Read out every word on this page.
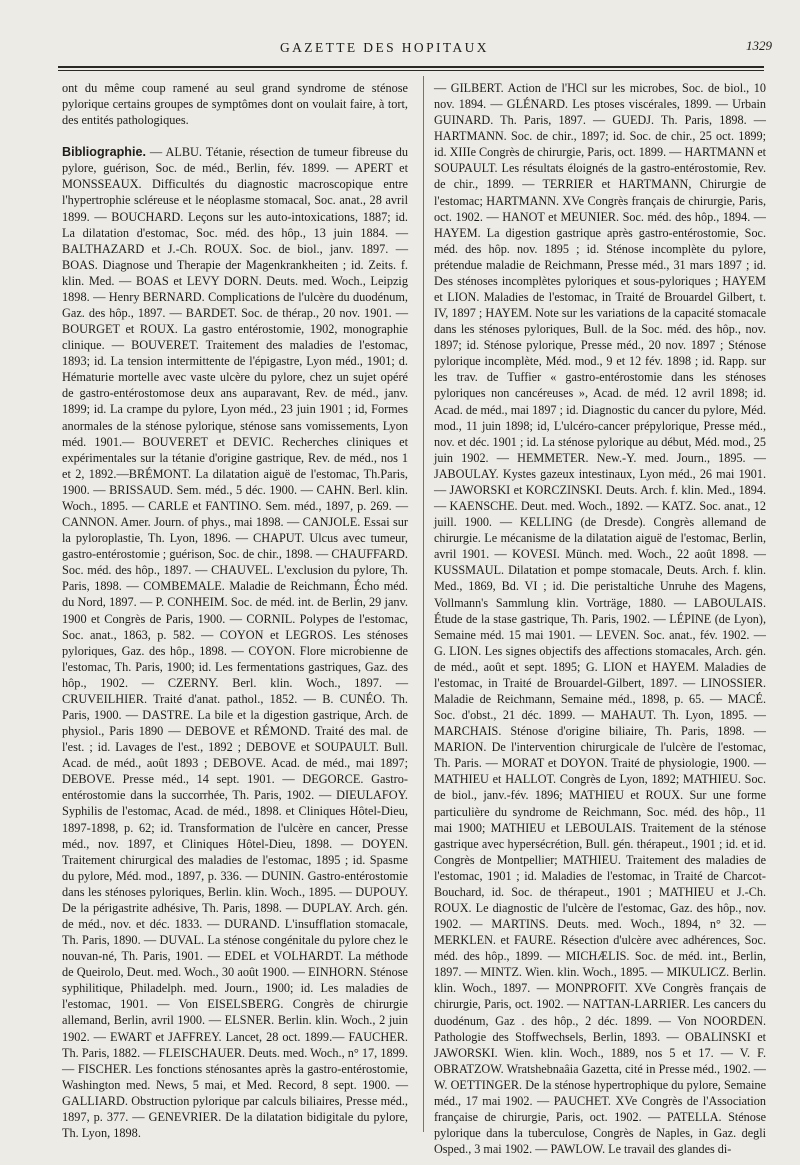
GAZETTE DES HOPITAUX	1329

ont du même coup ramené au seul grand syndrome de sténose pylorique certains groupes de symptômes dont on voulait faire, à tort, des entités pathologiques.

Bibliographie. — ALBU. Tétanie, résection de tumeur fibreuse du pylore, guérison, Soc. de méd., Berlin, fév. 1899. — APERT et MONSSEAUX. Difficultés du diagnostic macroscopique entre l'hypertrophie scléreuse et le néoplasme stomacal, Soc. anat., 28 avril 1899. — BOUCHARD. Leçons sur les auto-intoxications, 1887; id. La dilatation d'estomac, Soc. méd. des hôp., 13 juin 1884. — BALTHAZARD et J.-Ch. ROUX. Soc. de biol., janv. 1897. — BOAS. Diagnose und Therapie der Magenkrankheiten ; id. Zeits. f. klin. Med. — BOAS et LEVY DORN. Deuts. med. Woch., Leipzig 1898. — Henry BERNARD. Complications de l'ulcère du duodénum, Gaz. des hôp., 1897. — BARDET. Soc. de thérap., 20 nov. 1901. — BOURGET et ROUX. La gastro entérostomie, 1902, monographie clinique. — BOUVERET. Traitement des maladies de l'estomac, 1893; id. La tension intermittente de l'épigastre, Lyon méd., 1901; d. Hématurie mortelle avec vaste ulcère du pylore, chez un sujet opéré de gastro-entérostomose deux ans auparavant, Rev. de méd., janv. 1899; id. La crampe du pylore, Lyon méd., 23 juin 1901 ; id, Formes anormales de la sténose pylorique, sténose sans vomissements, Lyon méd. 1901.— BOUVERET et DEVIC. Recherches cliniques et expérimentales sur la tétanie d'origine gastrique, Rev. de méd., nos 1 et 2, 1892.—BRÉMONT. La dilatation aiguë de l'estomac, Th.Paris, 1900. — BRISSAUD. Sem. méd., 5 déc. 1900. — CAHN. Berl. klin. Woch., 1895. — CARLE et FANTINO. Sem. méd., 1897, p. 269. — CANNON. Amer. Journ. of phys., mai 1898. — CANJOLE. Essai sur la pyloroplastie, Th. Lyon, 1896. — CHAPUT. Ulcus avec tumeur, gastro-entérostomie ; guérison, Soc. de chir., 1898. — CHAUFFARD. Soc. méd. des hôp., 1897. — CHAUVEL. L'exclusion du pylore, Th. Paris, 1898. — COMBEMALE. Maladie de Reichmann, Écho méd. du Nord, 1897. — P. CONHEIM. Soc. de méd. int. de Berlin, 29 janv. 1900 et Congrès de Paris, 1900. — CORNIL. Polypes de l'estomac, Soc. anat., 1863, p. 582. — COYON et LEGROS. Les sténoses pyloriques, Gaz. des hôp., 1898. — COYON. Flore microbienne de l'estomac, Th. Paris, 1900; id. Les fermentations gastriques, Gaz. des hôp., 1902. — CZERNY. Berl. klin. Woch., 1897. — CRUVEILHIER. Traité d'anat. pathol., 1852. — B. CUNÉO. Th. Paris, 1900. — DASTRE. La bile et la digestion gastrique, Arch. de physiol., Paris 1890 — DEBOVE et RÉMOND. Traité des mal. de l'est. ; id. Lavages de l'est., 1892 ; DEBOVE et SOUPAULT. Bull. Acad. de méd., août 1893 ; DEBOVE. Acad. de méd., mai 1897; DEBOVE. Presse méd., 14 sept. 1901. — DEGORCE. Gastro-entérostomie dans la succorrhée, Th. Paris, 1902. — DIEULAFOY. Syphilis de l'estomac, Acad. de méd., 1898. et Cliniques Hôtel-Dieu, 1897-1898, p. 62; id. Transformation de l'ulcère en cancer, Presse méd., nov. 1897, et Cliniques Hôtel-Dieu, 1898. — DOYEN. Traitement chirurgical des maladies de l'estomac, 1895 ; id. Spasme du pylore, Méd. mod., 1897, p. 336. — DUNIN. Gastro-entérostomie dans les sténoses pyloriques, Berlin. klin. Woch., 1895. — DUPOUY. De la périgastrite adhésive, Th. Paris, 1898. — DUPLAY. Arch. gén. de méd., nov. et déc. 1833. — DURAND. L'insufflation stomacale, Th. Paris, 1890. — DUVAL. La sténose congénitale du pylore chez le nouvan-né, Th. Paris, 1901. — EDEL et VOLHARDT. La méthode de Queirolo, Deut. med. Woch., 30 août 1900. — EINHORN. Sténose syphilitique, Philadelph. med. Journ., 1900; id. Les maladies de l'estomac, 1901. — Von EISELSBERG. Congrès de chirurgie allemand, Berlin, avril 1900. — ELSNER. Berlin. klin. Woch., 2 juin 1902. — EWART et JAFFREY. Lancet, 28 oct. 1899.— FAUCHER. Th. Paris, 1882. — FLEISCHAUER. Deuts. med. Woch., n° 17, 1899.— FISCHER. Les fonctions sténosantes après la gastro-entérostomie, Washington med. News, 5 mai, et Med. Record, 8 sept. 1900. — GALLIARD. Obstruction pylorique par calculs biliaires, Presse méd., 1897, p. 377. — GENEVRIER. De la dilatation bidigitale du pylore, Th. Lyon, 1898.

— GILBERT. Action de l'HCl sur les microbes, Soc. de biol., 10 nov. 1894. — GLÉNARD. Les ptoses viscérales, 1899. — Urbain GUINARD. Th. Paris, 1897. — GUEDJ. Th. Paris, 1898. — HARTMANN. Soc. de chir., 1897; id. Soc. de chir., 25 oct. 1899; id. XIIIe Congrès de chirurgie, Paris, oct. 1899. — HARTMANN et SOUPAULT. Les résultats éloignés de la gastro-entérostomie, Rev. de chir., 1899. — TERRIER et HARTMANN, Chirurgie de l'estomac; HARTMANN. XVe Congrès français de chirurgie, Paris, oct. 1902. — HANOT et MEUNIER. Soc. méd. des hôp., 1894. — HAYEM. La digestion gastrique après gastro-entérostomie, Soc. méd. des hôp. nov. 1895 ; id. Sténose incomplète du pylore, prétendue maladie de Reichmann, Presse méd., 31 mars 1897 ; id. Des sténoses incomplètes pyloriques et sous-pyloriques ; HAYEM et LION. Maladies de l'estomac, in Traité de Brouardel Gilbert, t. IV, 1897 ; HAYEM. Note sur les variations de la capacité stomacale dans les sténoses pyloriques, Bull. de la Soc. méd. des hôp., nov. 1897; id. Sténose pylorique, Presse méd., 20 nov. 1897 ; Sténose pylorique incomplète, Méd. mod., 9 et 12 fév. 1898 ; id. Rapp. sur les trav. de Tuffier « gastro-entérostomie dans les sténoses pyloriques non cancéreuses », Acad. de méd. 12 avril 1898; id. Acad. de méd., mai 1897 ; id. Diagnostic du cancer du pylore, Méd. mod., 11 juin 1898; id, L'ulcéro-cancer prépylorique, Presse méd., nov. et déc. 1901 ; id. La sténose pylorique au début, Méd. mod., 25 juin 1902. — HEMMETER. New.-Y. med. Journ., 1895. — JABOULAY. Kystes gazeux intestinaux, Lyon méd., 26 mai 1901. — JAWORSKI et KORCZINSKI. Deuts. Arch. f. klin. Med., 1894. — KAENSCHE. Deut. med. Woch., 1892. — KATZ. Soc. anat., 12 juill. 1900. — KELLING (de Dresde). Congrès allemand de chirurgie. Le mécanisme de la dilatation aiguë de l'estomac, Berlin, avril 1901. — KOVESI. Münch. med. Woch., 22 août 1898. — KUSSMAUL. Dilatation et pompe stomacale, Deuts. Arch. f. klin. Med., 1869, Bd. VI ; id. Die peristaltiche Unruhe des Magens, Vollmann's Sammlung klin. Vorträge, 1880. — LABOULAIS. Étude de la stase gastrique, Th. Paris, 1902. — LÉPINE (de Lyon), Semaine méd. 15 mai 1901. — LEVEN. Soc. anat., fév. 1902. — G. LION. Les signes objectifs des affections stomacales, Arch. gén. de méd., août et sept. 1895; G. LION et HAYEM. Maladies de l'estomac, in Traité de Brouardel-Gilbert, 1897. — LINOSSIER. Maladie de Reichmann, Semaine méd., 1898, p. 65. — MACÉ. Soc. d'obst., 21 déc. 1899. — MAHAUT. Th. Lyon, 1895. — MARCHAIS. Sténose d'origine biliaire, Th. Paris, 1898. — MARION. De l'intervention chirurgicale de l'ulcère de l'estomac, Th. Paris. — MORAT et DOYON. Traité de physiologie, 1900. — MATHIEU et HALLOT. Congrès de Lyon, 1892; MATHIEU. Soc. de biol., janv.-fév. 1896; MATHIEU et ROUX. Sur une forme particulière du syndrome de Reichmann, Soc. méd. des hôp., 11 mai 1900; MATHIEU et LEBOULAIS. Traitement de la sténose gastrique avec hypersécrétion, Bull. gén. thérapeut., 1901 ; id. et id. Congrès de Montpellier; MATHIEU. Traitement des maladies de l'estomac, 1901 ; id. Maladies de l'estomac, in Traité de Charcot-Bouchard, id. Soc. de thérapeut., 1901 ; MATHIEU et J.-Ch. ROUX. Le diagnostic de l'ulcère de l'estomac, Gaz. des hôp., nov. 1902. — MARTINS. Deuts. med. Woch., 1894, n° 32. — MERKLEN. et FAURE. Résection d'ulcère avec adhérences, Soc. méd. des hôp., 1899. — MICHÆLIS. Soc. de méd. int., Berlin, 1897. — MINTZ. Wien. klin. Woch., 1895. — MIKULICZ. Berlin. klin. Woch., 1897. — MONPROFIT. XVe Congrès français de chirurgie, Paris, oct. 1902. — NATTAN-LARRIER. Les cancers du duodénum, Gaz . des hôp., 2 déc. 1899. — Von NOORDEN. Pathologie des Stoffwechsels, Berlin, 1893. — OBALINSKI et JAWORSKI. Wien. klin. Woch., 1889, nos 5 et 17. — V. F. OBRATZOW. Wratshebnaâia Gazetta, cité in Presse méd., 1902. — W. OETTINGER. De la sténose hypertrophique du pylore, Semaine méd., 17 mai 1902. — PAUCHET. XVe Congrès de l'Association française de chirurgie, Paris, oct. 1902. — PATELLA. Sténose pylorique dans la tuberculose, Congrès de Naples, in Gaz. degli Osped., 3 mai 1902. — PAWLOW. Le travail des glandes di-
